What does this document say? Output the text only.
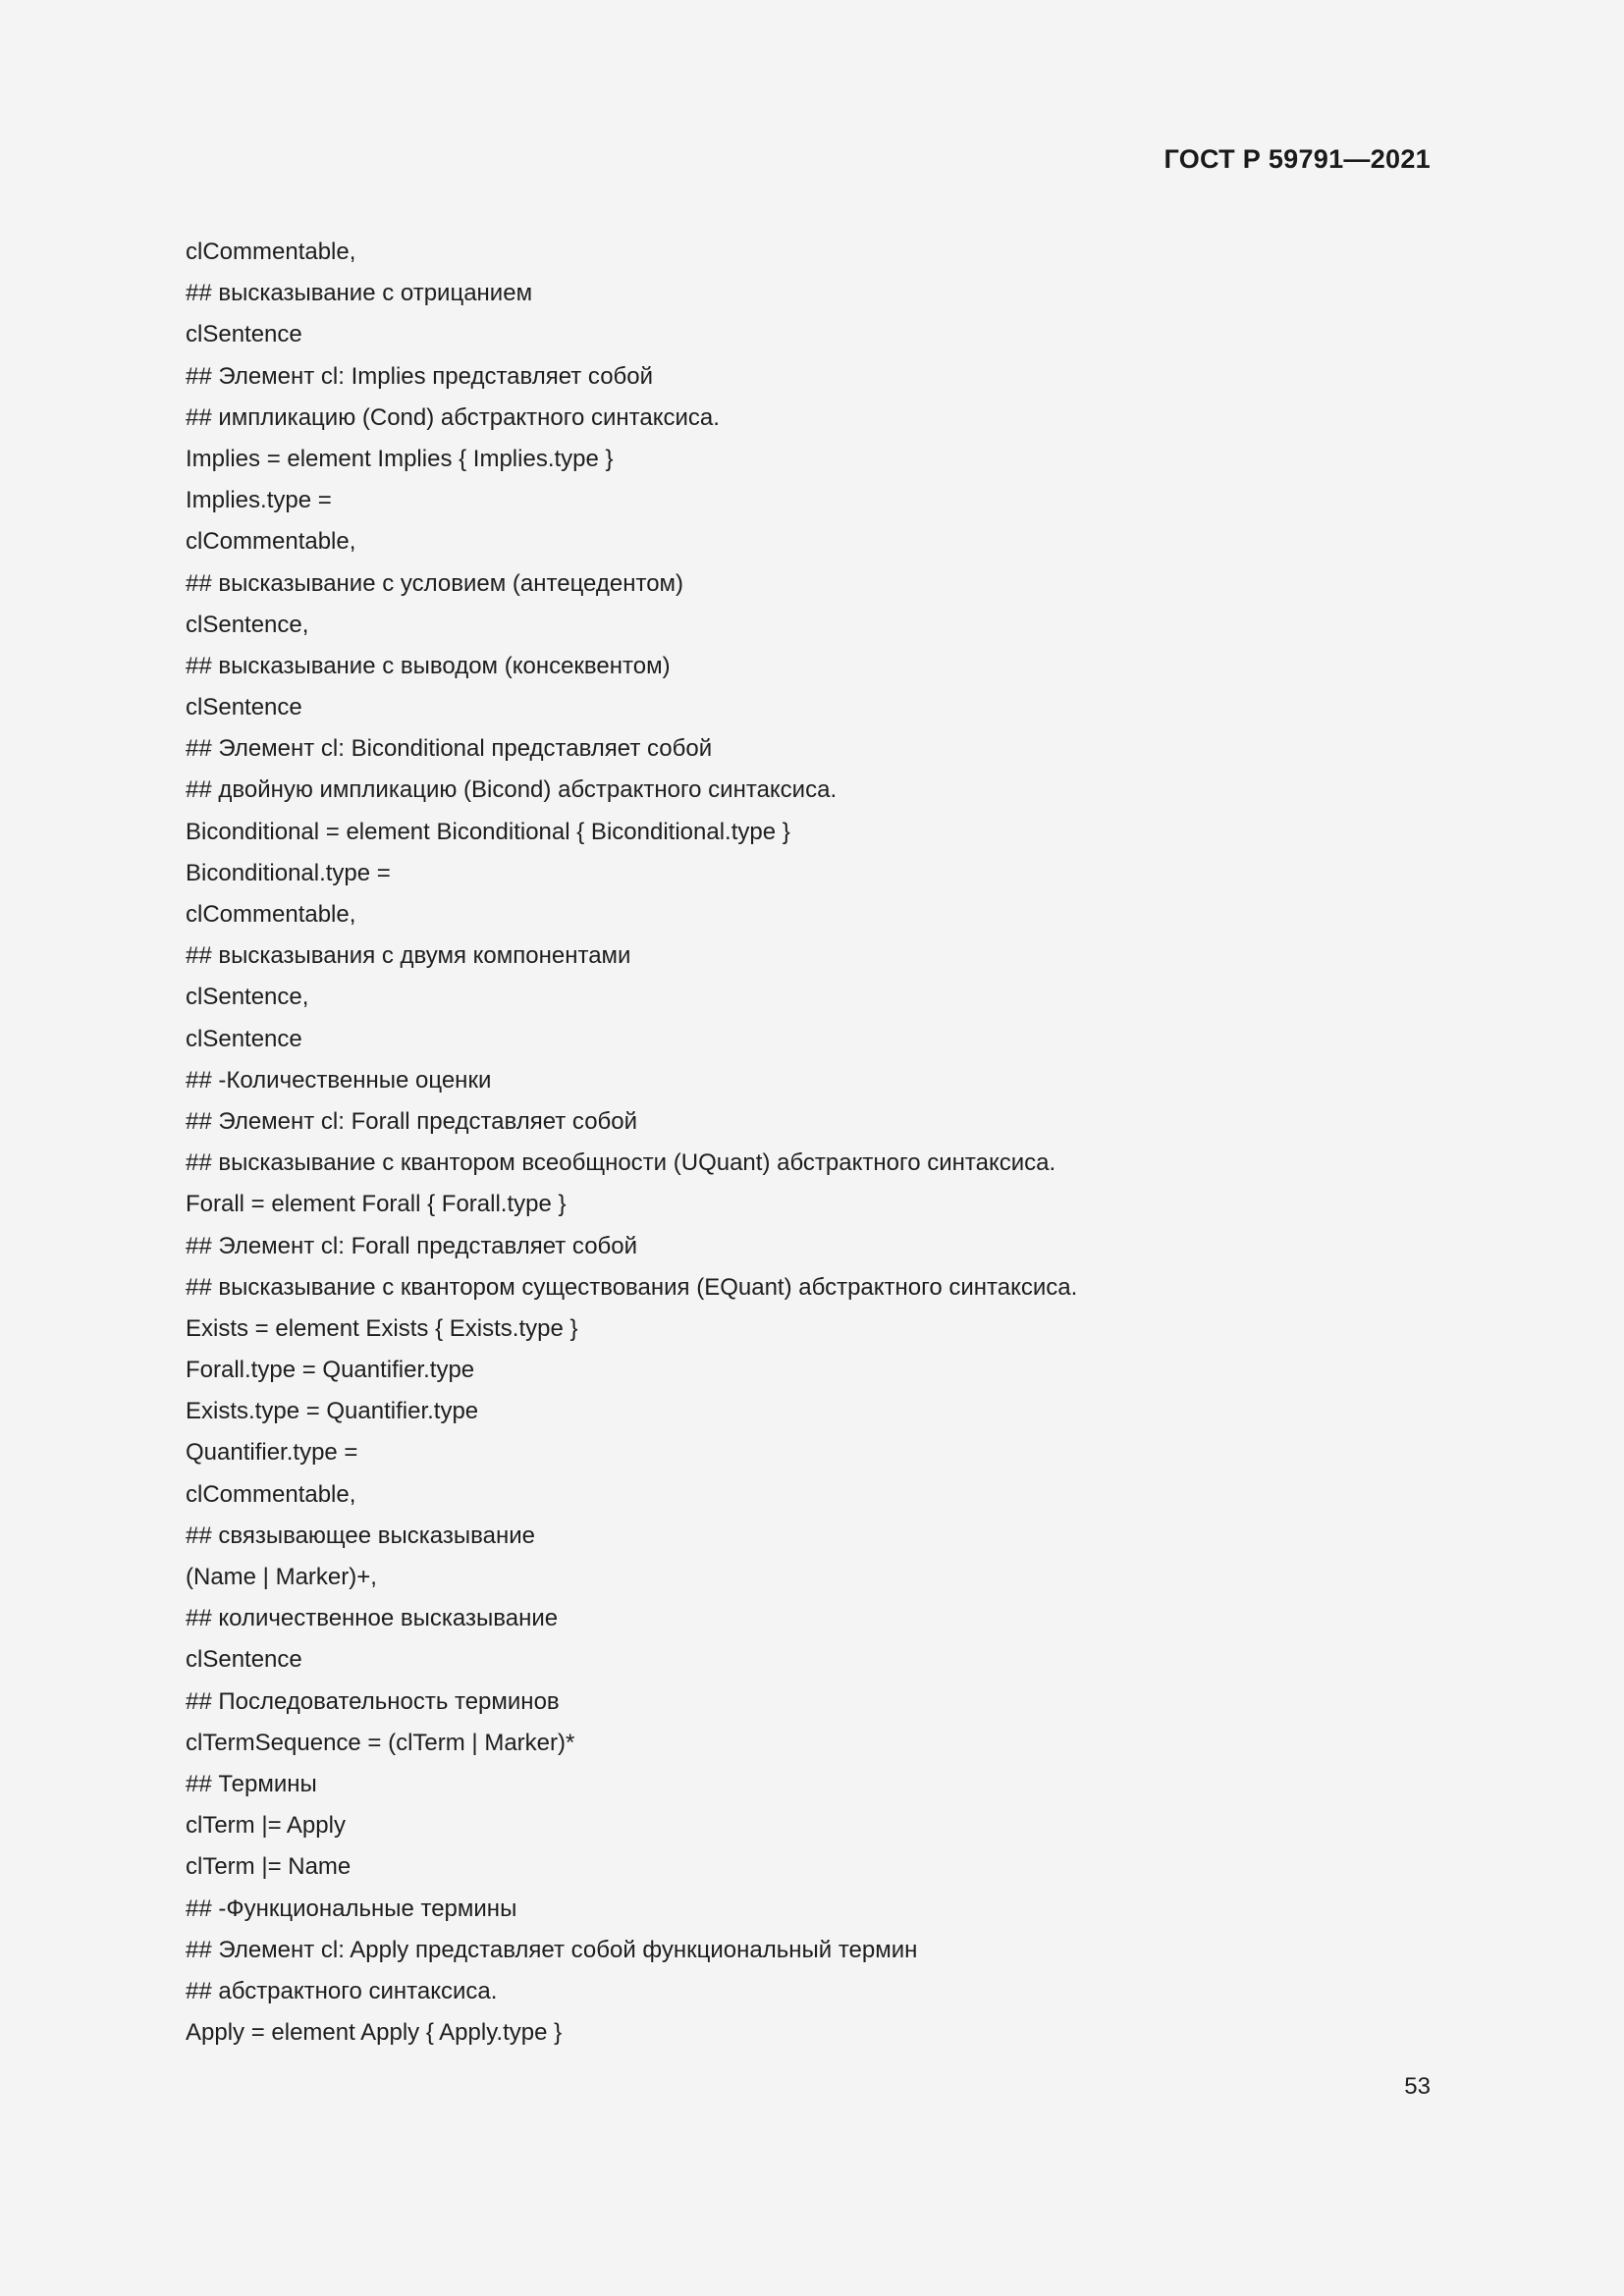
ГОСТ Р 59791—2021
clCommentable,
## высказывание с отрицанием
clSentence
## Элемент cl: Implies представляет собой
## импликацию (Cond) абстрактного синтаксиса.
Implies = element Implies { Implies.type }
Implies.type =
clCommentable,
## высказывание с условием (антецедентом)
clSentence,
## высказывание с выводом (консеквентом)
clSentence
## Элемент cl: Biconditional представляет собой
## двойную импликацию (Bicond) абстрактного синтаксиса.
Biconditional = element Biconditional { Biconditional.type }
Biconditional.type =
clCommentable,
## высказывания с двумя компонентами
clSentence,
clSentence
## -Количественные оценки
## Элемент cl: Forall представляет собой
## высказывание с квантором всеобщности (UQuant) абстрактного синтаксиса.
Forall = element Forall { Forall.type }
## Элемент cl: Forall представляет собой
## высказывание с квантором существования (EQuant) абстрактного синтаксиса.
Exists = element Exists { Exists.type }
Forall.type = Quantifier.type
Exists.type = Quantifier.type
Quantifier.type =
clCommentable,
## связывающее высказывание
(Name | Marker)+,
## количественное высказывание
clSentence
## Последовательность терминов
clTermSequence = (clTerm | Marker)*
## Термины
clTerm |= Apply
clTerm |= Name
## -Функциональные термины
## Элемент cl: Apply представляет собой функциональный термин
## абстрактного синтаксиса.
Apply = element Apply { Apply.type }
53
